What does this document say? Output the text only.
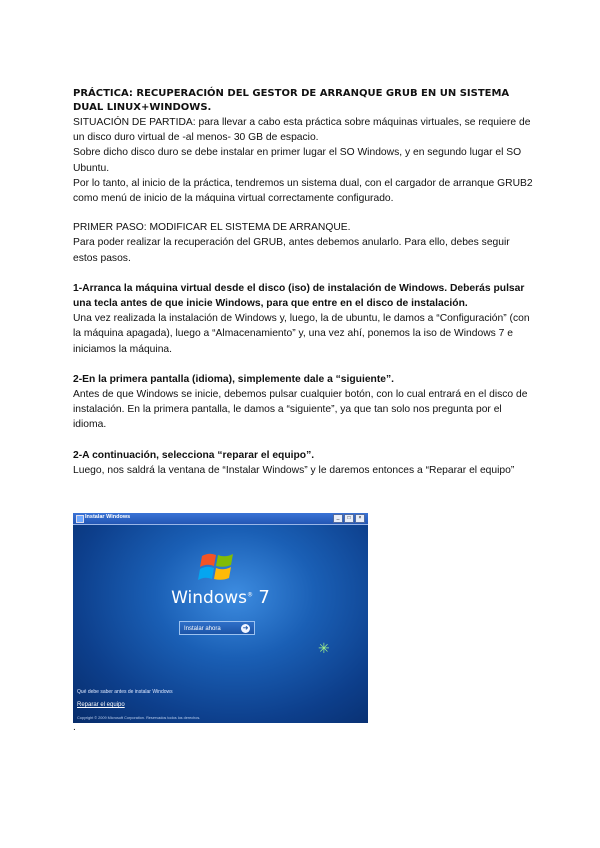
PRÁCTICA: RECUPERACIÓN DEL GESTOR DE ARRANQUE GRUB EN UN SISTEMA DUAL LINUX+WINDOWS.

SITUACIÓN DE PARTIDA: para llevar a cabo esta práctica sobre máquinas virtuales, se requiere de un disco duro virtual de -al menos- 30 GB de espacio.

Sobre dicho disco duro se debe instalar en primer lugar el SO Windows, y en segundo lugar el SO Ubuntu.

Por lo tanto, al inicio de la práctica, tendremos un sistema dual, con el cargador de arranque GRUB2 como menú de inicio de la máquina virtual correctamente configurado.

PRIMER PASO: MODIFICAR EL SISTEMA DE ARRANQUE.

Para poder realizar la recuperación del GRUB, antes debemos anularlo. Para ello, debes seguir estos pasos.

1-Arranca la máquina virtual desde el disco (iso) de instalación de Windows. Deberás pulsar una tecla antes de que inicie Windows, para que entre en el disco de instalación.

Una vez realizada la instalación de Windows y, luego, la de ubuntu, le damos a “Configuración” (con la máquina apagada), luego a “Almacenamiento” y, una vez ahí, ponemos la iso de Windows 7 e iniciamos la máquina.

2-En la primera pantalla (idioma), simplemente dale a “siguiente”.

Antes de que Windows se inicie, debemos pulsar cualquier botón, con lo cual entrará en el disco de instalación. En la primera pantalla, le damos a “siguiente”, ya que tan solo nos pregunta por el idioma.

2-A continuación, selecciona “reparar el equipo”.

Luego, nos saldrá la ventana de “Instalar Windows” y le daremos entonces a “Reparar el equipo”

Instalar Windows	_	□	×
Windows® 7
Instalar ahora	➜
✳
Qué debe saber antes de instalar Windows
Reparar el equipo
Copyright © 2009 Microsoft Corporation. Reservados todos los derechos.
.
